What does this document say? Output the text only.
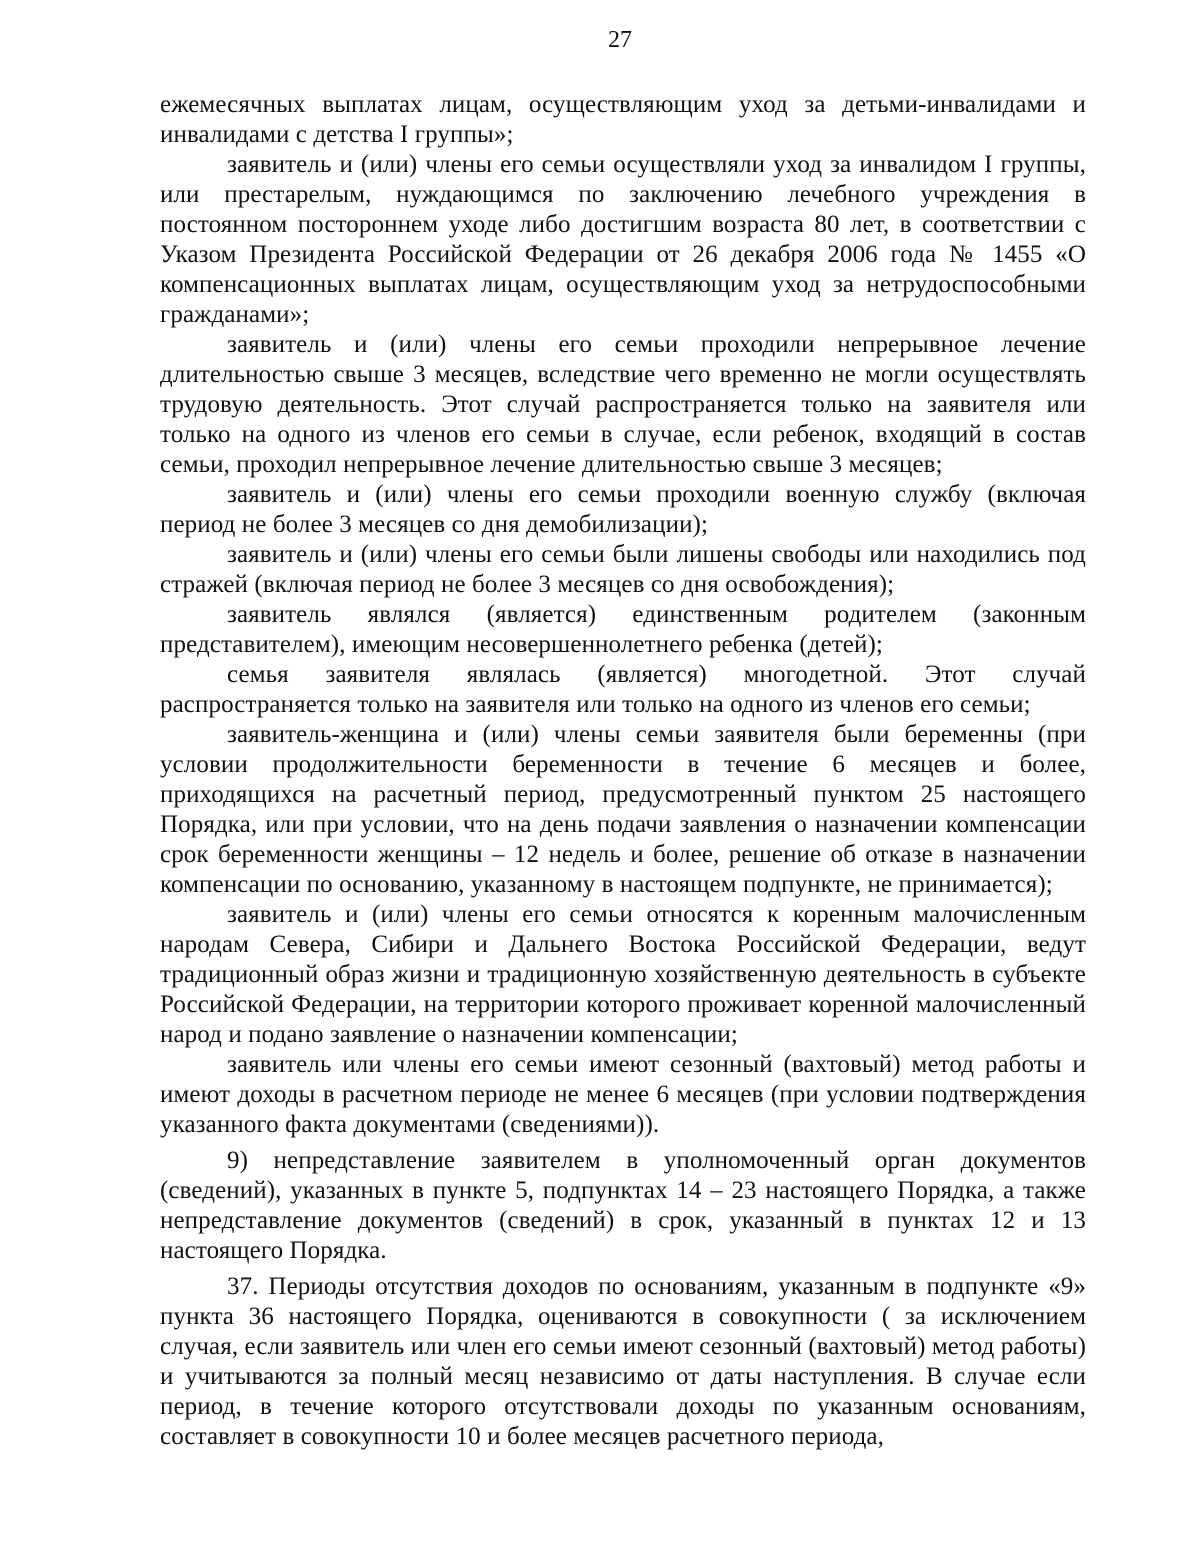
27

ежемесячных выплатах лицам, осуществляющим уход за детьми-инвалидами и инвалидами с детства I группы»;

заявитель и (или) члены его семьи осуществляли уход за инвалидом I группы, или престарелым, нуждающимся по заключению лечебного учреждения в постоянном постороннем уходе либо достигшим возраста 80 лет, в соответствии с Указом Президента Российской Федерации от 26 декабря 2006 года № 1455 «О компенсационных выплатах лицам, осуществляющим уход за нетрудоспособными гражданами»;

заявитель и (или) члены его семьи проходили непрерывное лечение длительностью свыше 3 месяцев, вследствие чего временно не могли осуществлять трудовую деятельность. Этот случай распространяется только на заявителя или только на одного из членов его семьи в случае, если ребенок, входящий в состав семьи, проходил непрерывное лечение длительностью свыше 3 месяцев;

заявитель и (или) члены его семьи проходили военную службу (включая период не более 3 месяцев со дня демобилизации);

заявитель и (или) члены его семьи были лишены свободы или находились под стражей (включая период не более 3 месяцев со дня освобождения);

заявитель являлся (является) единственным родителем (законным представителем), имеющим несовершеннолетнего ребенка (детей);

семья заявителя являлась (является) многодетной. Этот случай распространяется только на заявителя или только на одного из членов его семьи;

заявитель-женщина и (или) члены семьи заявителя были беременны (при условии продолжительности беременности в течение 6 месяцев и более, приходящихся на расчетный период, предусмотренный пунктом 25 настоящего Порядка, или при условии, что на день подачи заявления о назначении компенсации срок беременности женщины – 12 недель и более, решение об отказе в назначении компенсации по основанию, указанному в настоящем подпункте, не принимается);

заявитель и (или) члены его семьи относятся к коренным малочисленным народам Севера, Сибири и Дальнего Востока Российской Федерации, ведут традиционный образ жизни и традиционную хозяйственную деятельность в субъекте Российской Федерации, на территории которого проживает коренной малочисленный народ и подано заявление о назначении компенсации;

заявитель или члены его семьи имеют сезонный (вахтовый) метод работы и имеют доходы в расчетном периоде не менее 6 месяцев (при условии подтверждения указанного факта документами (сведениями)).

9) непредставление заявителем в уполномоченный орган документов (сведений), указанных в пункте 5, подпунктах 14 – 23 настоящего Порядка, а также непредставление документов (сведений) в срок, указанный в пунктах 12 и 13 настоящего Порядка.

37. Периоды отсутствия доходов по основаниям, указанным в подпункте «9» пункта 36 настоящего Порядка, оцениваются в совокупности ( за исключением случая, если заявитель или член его семьи имеют сезонный (вахтовый) метод работы) и учитываются за полный месяц независимо от даты наступления. В случае если период, в течение которого отсутствовали доходы по указанным основаниям, составляет в совокупности 10 и более месяцев расчетного периода,
